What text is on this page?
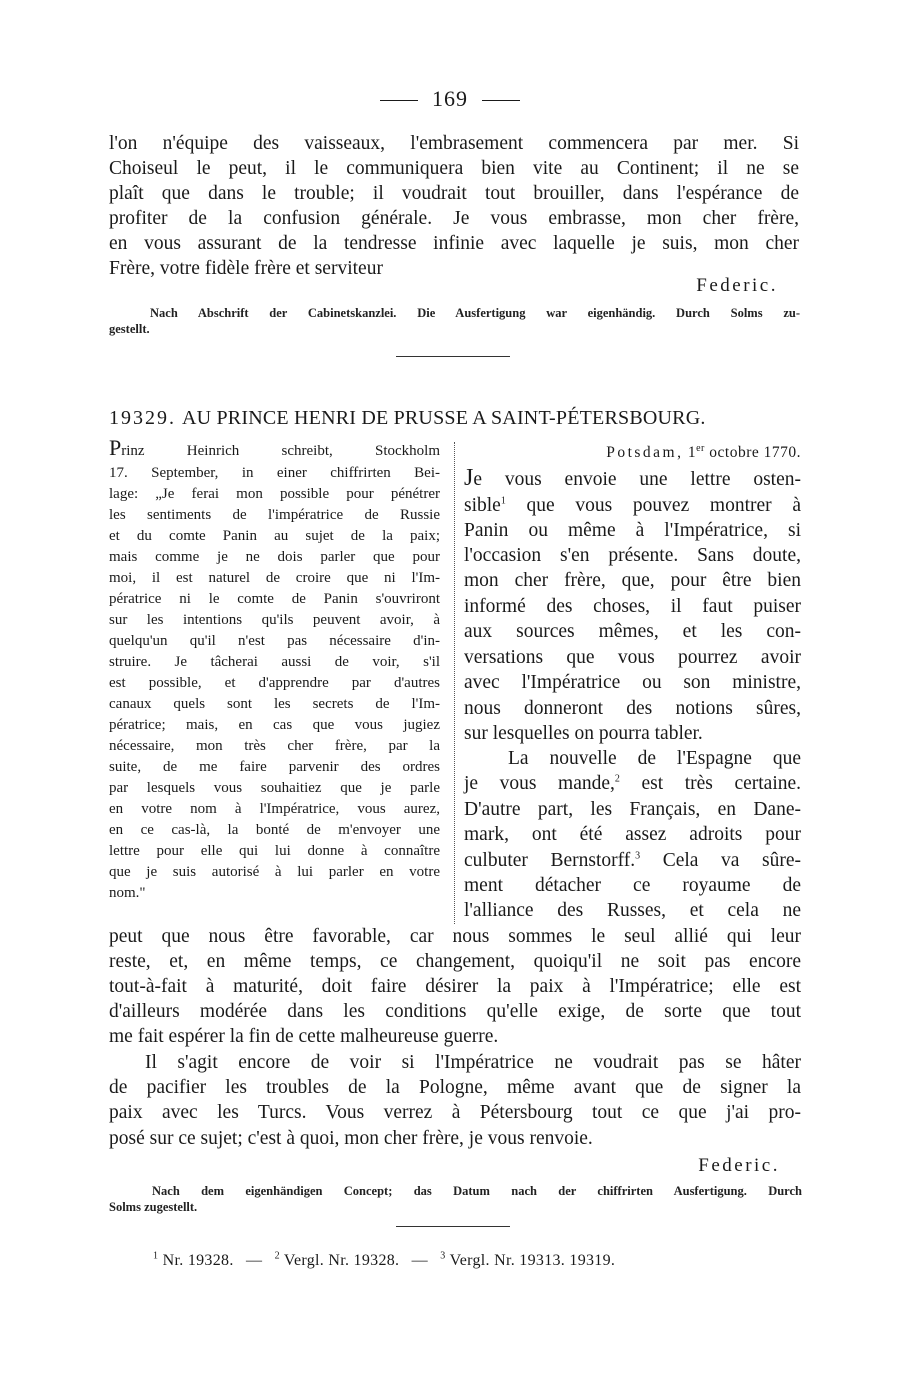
169
l'on n'équipe des vaisseaux, l'embrasement commencera par mer. Si
Choiseul le peut, il le communiquera bien vite au Continent; il ne se
plaît que dans le trouble; il voudrait tout brouiller, dans l'espérance de
profiter de la confusion générale. Je vous embrasse, mon cher frère,
en vous assurant de la tendresse infinie avec laquelle je suis, mon cher
Frère, votre fidèle frère et serviteur
Federic.
Nach Abschrift der Cabinetskanzlei. Die Ausfertigung war eigenhändig. Durch Solms zu-
gestellt.
19329. AU PRINCE HENRI DE PRUSSE A SAINT-PÉTERSBOURG.
Prinz Heinrich schreibt, Stockholm
17. September, in einer chiffrirten Bei-
lage: „Je ferai mon possible pour pénétrer
les sentiments de l'impératrice de Russie
et du comte Panin au sujet de la paix;
mais comme je ne dois parler que pour
moi, il est naturel de croire que ni l'Im-
pératrice ni le comte de Panin s'ouvriront
sur les intentions qu'ils peuvent avoir, à
quelqu'un qu'il n'est pas nécessaire d'in-
struire. Je tâcherai aussi de voir, s'il
est possible, et d'apprendre par d'autres
canaux quels sont les secrets de l'Im-
pératrice; mais, en cas que vous jugiez
nécessaire, mon très cher frère, par la
suite, de me faire parvenir des ordres
par lesquels vous souhaitiez que je parle
en votre nom à l'Impératrice, vous aurez,
en ce cas-là, la bonté de m'envoyer une
lettre pour elle qui lui donne à connaître
que je suis autorisé à lui parler en votre
nom."
Potsdam, 1er octobre 1770.
Je vous envoie une lettre osten-
sible$^1$ que vous pouvez montrer à
Panin ou même à l'Impératrice, si
l'occasion s'en présente. Sans doute,
mon cher frère, que, pour être bien
informé des choses, il faut puiser
aux sources mêmes, et les con-
versations que vous pourrez avoir
avec l'Impératrice ou son ministre,
nous donneront des notions sûres,
sur lesquelles on pourra tabler.
La nouvelle de l'Espagne que
je vous mande,$^2$ est très certaine.
D'autre part, les Français, en Dane-
mark, ont été assez adroits pour
culbuter Bernstorff.$^3$ Cela va sûre-
ment détacher ce royaume de
l'alliance des Russes, et cela ne
peut que nous être favorable, car nous sommes le seul allié qui leur
reste, et, en même temps, ce changement, quoiqu'il ne soit pas encore
tout-à-fait à maturité, doit faire désirer la paix à l'Impératrice; elle est
d'ailleurs modérée dans les conditions qu'elle exige, de sorte que tout
me fait espérer la fin de cette malheureuse guerre.
Il s'agit encore de voir si l'Impératrice ne voudrait pas se hâter
de pacifier les troubles de la Pologne, même avant que de signer la
paix avec les Turcs. Vous verrez à Pétersbourg tout ce que j'ai pro-
posé sur ce sujet; c'est à quoi, mon cher frère, je vous renvoie.
Federic.
Nach dem eigenhändigen Concept; das Datum nach der chiffrirten Ausfertigung. Durch
Solms zugestellt.
$^1$ Nr. 19328. — $^2$ Vergl. Nr. 19328. — $^3$ Vergl. Nr. 19313. 19319.
